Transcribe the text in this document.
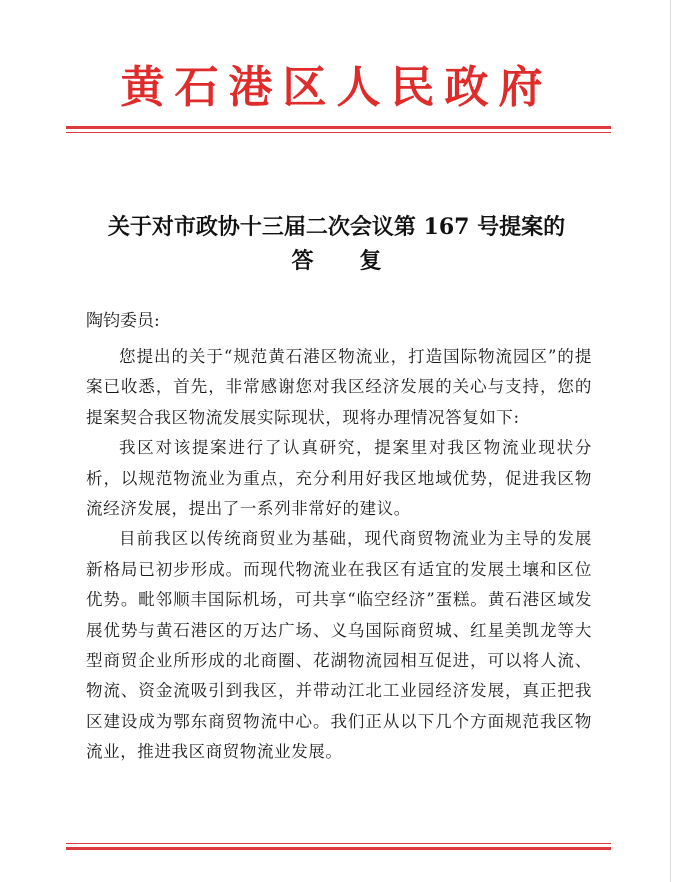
黄石港区人民政府
关于对市政协十三届二次会议第 167 号提案的
答复
陶钧委员:

您提出的关于“规范黄石港区物流业，打造国际物流园区”的提案已收悉，首先，非常感谢您对我区经济发展的关心与支持，您的提案契合我区物流发展实际现状，现将办理情况答复如下:

我区对该提案进行了认真研究，提案里对我区物流业现状分析，以规范物流业为重点，充分利用好我区地域优势，促进我区物流经济发展，提出了一系列非常好的建议。

目前我区以传统商贸业为基础，现代商贸物流业为主导的发展新格局已初步形成。而现代物流业在我区有适宜的发展土壤和区位优势。毗邻顺丰国际机场，可共享“临空经济”蛋糕。黄石港区域发展优势与黄石港区的万达广场、义乌国际商贸城、红星美凯龙等大型商贸企业所形成的北商圈、花湖物流园相互促进，可以将人流、物流、资金流吸引到我区，并带动江北工业园经济发展，真正把我区建设成为鄂东商贸物流中心。我们正从以下几个方面规范我区物流业，推进我区商贸物流业发展。
